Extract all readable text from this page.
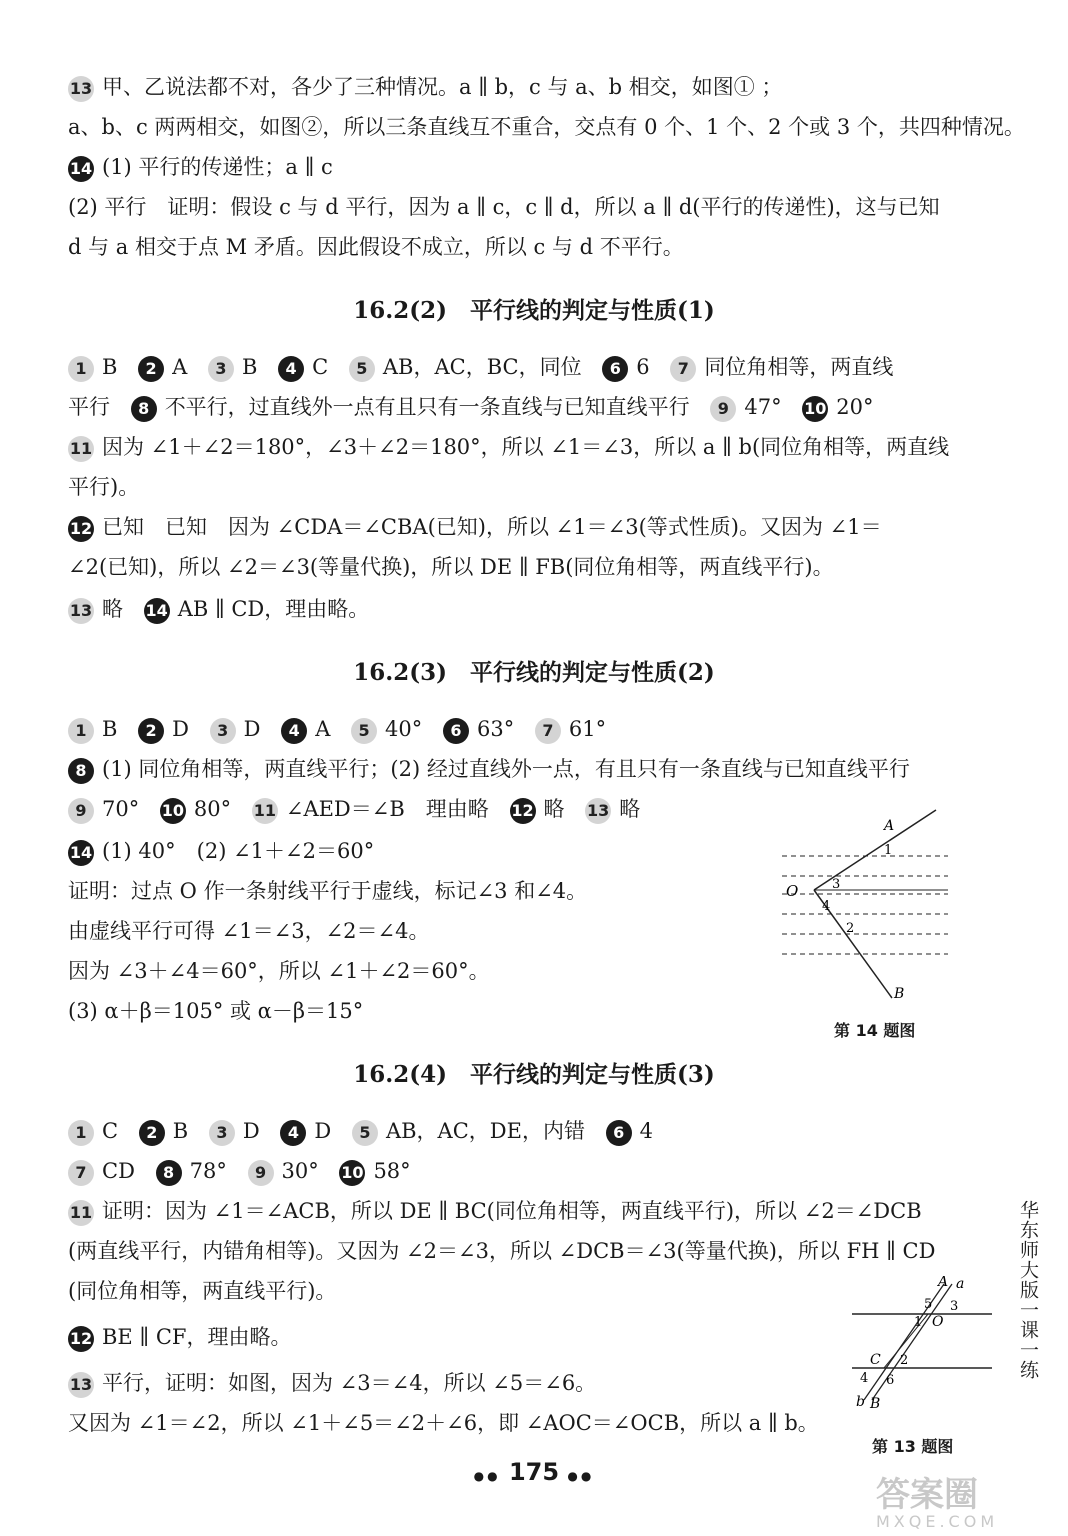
13 甲、乙说法都不对，各少了三种情况。a ∥ b，c 与 a、b 相交，如图① ；
a、b、c 两两相交，如图②，所以三条直线互不重合，交点有 0 个、1 个、2 个或 3 个，共四种情况。
14 (1) 平行的传递性；a ∥ c
(2) 平行　证明：假设 c 与 d 平行，因为 a ∥ c，c ∥ d，所以 a ∥ d(平行的传递性)，这与已知
d 与 a 相交于点 M 矛盾。因此假设不成立，所以 c 与 d 不平行。
16.2(2)　平行线的判定与性质(1)
1 B 2 A 3 B 4 C 5 AB，AC，BC，同位 6 6 7 同位角相等，两直线
平行 8 不平行，过直线外一点有且只有一条直线与已知直线平行 9 47° 10 20°
11 因为 ∠1＋∠2＝180°，∠3＋∠2＝180°，所以 ∠1＝∠3，所以 a ∥ b(同位角相等，两直线
平行)。
12 已知　已知　因为 ∠CDA＝∠CBA(已知)，所以 ∠1＝∠3(等式性质)。又因为 ∠1＝
∠2(已知)，所以 ∠2＝∠3(等量代换)，所以 DE ∥ FB(同位角相等，两直线平行)。
13 略 14 AB ∥ CD，理由略。
16.2(3)　平行线的判定与性质(2)
1 B 2 D 3 D 4 A 5 40° 6 63° 7 61°
8 (1) 同位角相等，两直线平行；(2) 经过直线外一点，有且只有一条直线与已知直线平行
9 70° 10 80° 11 ∠AED＝∠B　理由略 12 略 13 略
14 (1) 40°　(2) ∠1＋∠2＝60°
证明：过点 O 作一条射线平行于虚线，标记∠3 和∠4。
由虚线平行可得 ∠1＝∠3，∠2＝∠4。
因为 ∠3＋∠4＝60°，所以 ∠1＋∠2＝60°。
(3) α＋β＝105° 或 α－β＝15°
A
B
O
1
2
3
4
第 14 题图
16.2(4)　平行线的判定与性质(3)
1 C 2 B 3 D 4 D 5 AB，AC，DE，内错 6 4
7 CD 8 78° 9 30° 10 58°
11 证明：因为 ∠1＝∠ACB，所以 DE ∥ BC(同位角相等，两直线平行)，所以 ∠2＝∠DCB
(两直线平行，内错角相等)。又因为 ∠2＝∠3，所以 ∠DCB＝∠3(等量代换)，所以 FH ∥ CD
(同位角相等，两直线平行)。
12 BE ∥ CF，理由略。
13 平行，证明：如图，因为 ∠3＝∠4，所以 ∠5＝∠6。
又因为 ∠1＝∠2，所以 ∠1＋∠5＝∠2＋∠6，即 ∠AOC＝∠OCB，所以 a ∥ b。
A a
b B
O
C
1
2
3
4
5
6
第 13 题图
华东师大版一课一练
●● 175 ●●	答案圈
MXQE.COM
